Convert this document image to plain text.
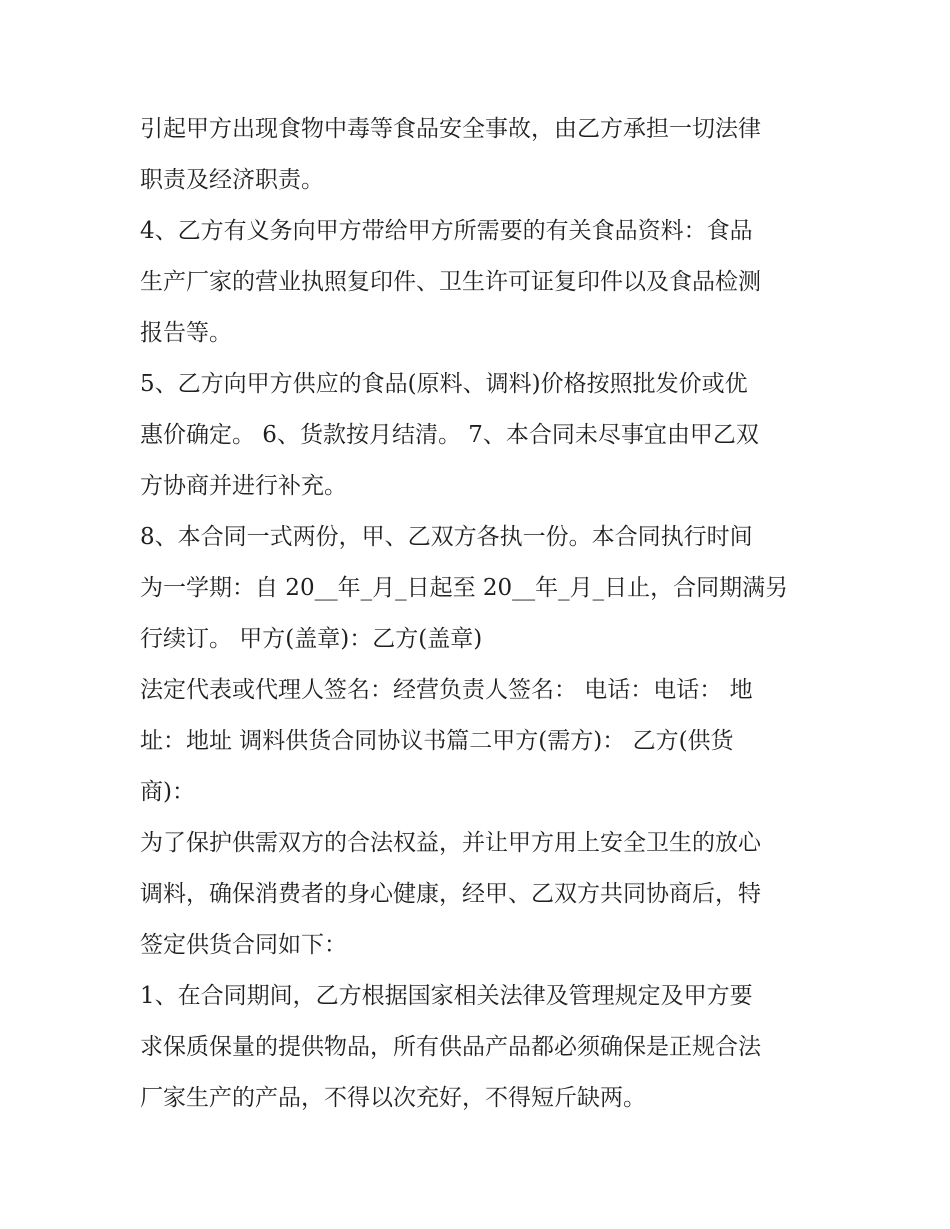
引起甲方出现食物中毒等食品安全事故，由乙方承担一切法律
职责及经济职责。
4、乙方有义务向甲方带给甲方所需要的有关食品资料：食品
生产厂家的营业执照复印件、卫生许可证复印件以及食品检测
报告等。
5、乙方向甲方供应的食品(原料、调料)价格按照批发价或优
惠价确定。 6、货款按月结清。 7、本合同未尽事宜由甲乙双
方协商并进行补充。
8、本合同一式两份，甲、乙双方各执一份。本合同执行时间
为一学期：自 20__年_月_日起至 20__年_月_日止，合同期满另
行续订。 甲方(盖章)：乙方(盖章)
法定代表或代理人签名：经营负责人签名： 电话：电话： 地
址：地址 调料供货合同协议书篇二甲方(需方)： 乙方(供货
商)：
为了保护供需双方的合法权益，并让甲方用上安全卫生的放心
调料，确保消费者的身心健康，经甲、乙双方共同协商后，特
签定供货合同如下：
1、在合同期间，乙方根据国家相关法律及管理规定及甲方要
求保质保量的提供物品，所有供品产品都必须确保是正规合法
厂家生产的产品，不得以次充好，不得短斤缺两。
